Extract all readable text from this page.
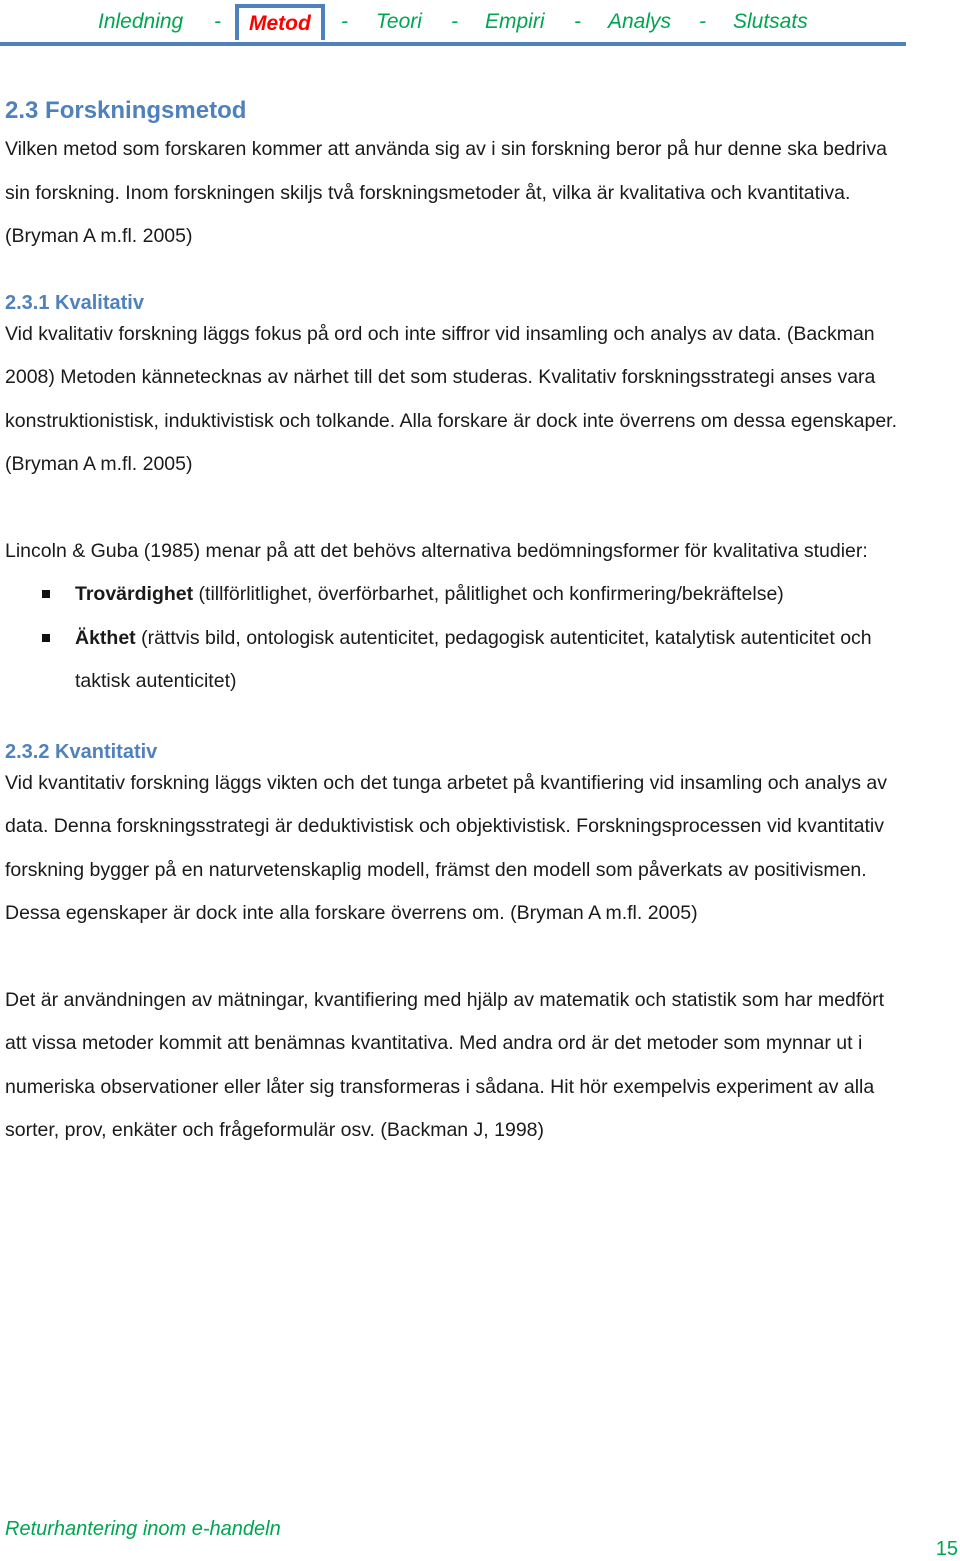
Inledning -	Metod	- Teori - Empiri - Analys - Slutsats
2.3 Forskningsmetod

Vilken metod som forskaren kommer att använda sig av i sin forskning beror på hur denne ska bedriva sin forskning. Inom forskningen skiljs två forskningsmetoder åt, vilka är kvalitativa och kvantitativa. (Bryman A m.fl. 2005)

2.3.1 Kvalitativ

Vid kvalitativ forskning läggs fokus på ord och inte siffror vid insamling och analys av data. (Backman 2008) Metoden kännetecknas av närhet till det som studeras. Kvalitativ forskningsstrategi anses vara konstruktionistisk, induktivistisk och tolkande. Alla forskare är dock inte överrens om dessa egenskaper. (Bryman A m.fl. 2005)

Lincoln & Guba (1985) menar på att det behövs alternativa bedömningsformer för kvalitativa studier:

Trovärdighet (tillförlitlighet, överförbarhet, pålitlighet och konfirmering/bekräftelse)
Äkthet (rättvis bild, ontologisk autenticitet, pedagogisk autenticitet, katalytisk autenticitet och taktisk autenticitet)
2.3.2 Kvantitativ

Vid kvantitativ forskning läggs vikten och det tunga arbetet på kvantifiering vid insamling och analys av data. Denna forskningsstrategi är deduktivistisk och objektivistisk. Forskningsprocessen vid kvantitativ forskning bygger på en naturvetenskaplig modell, främst den modell som påverkats av positivismen. Dessa egenskaper är dock inte alla forskare överrens om. (Bryman A m.fl. 2005)

Det är användningen av mätningar, kvantifiering med hjälp av matematik och statistik som har medfört att vissa metoder kommit att benämnas kvantitativa. Med andra ord är det metoder som mynnar ut i numeriska observationer eller låter sig transformeras i sådana. Hit hör exempelvis experiment av alla sorter, prov, enkäter och frågeformulär osv. (Backman J, 1998)

Returhantering inom e-handeln
15
